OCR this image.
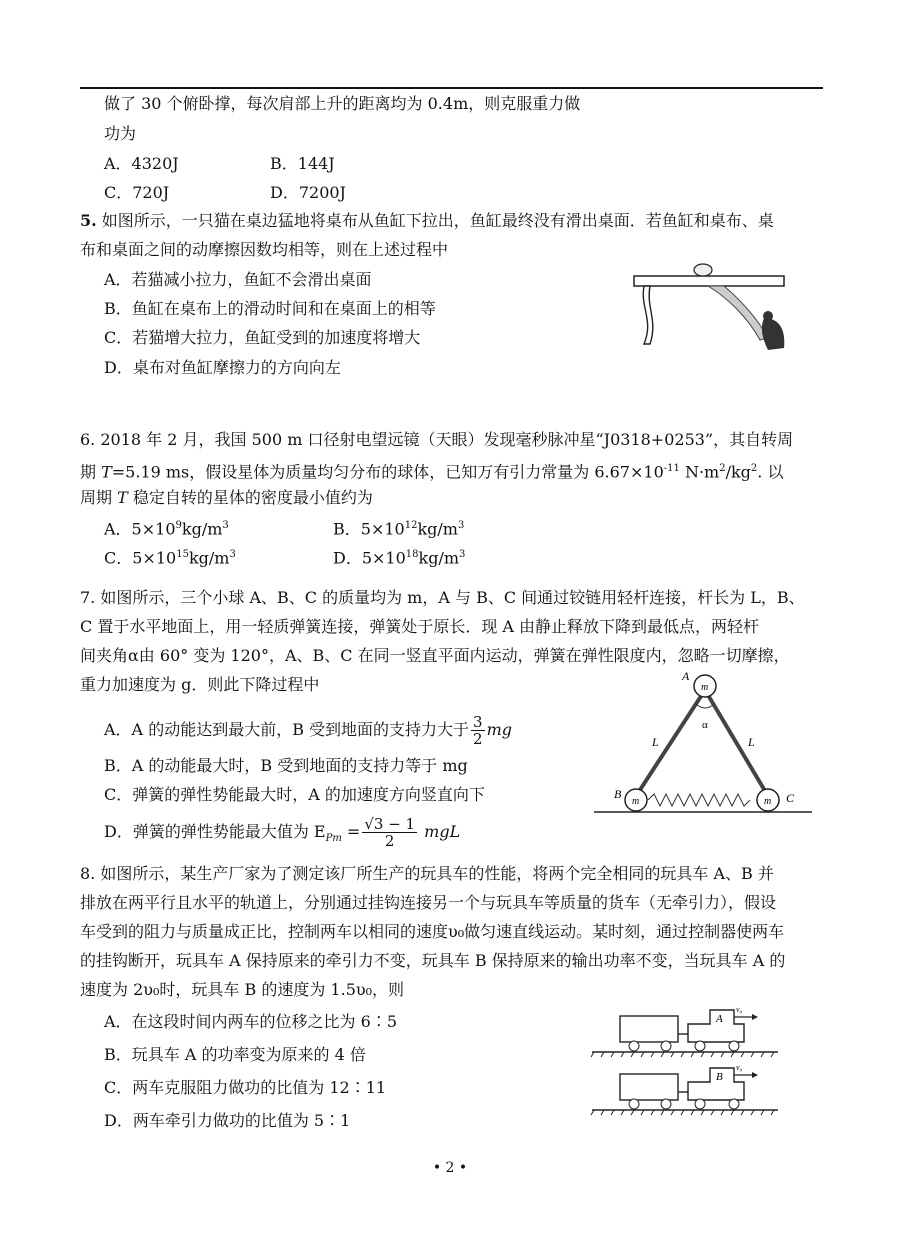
做了 30 个俯卧撑，每次肩部上升的距离均为 0.4m，则克服重力做
功为
A．4320J	B．144J
C．720J	D．7200J
5. 如图所示，一只猫在桌边猛地将桌布从鱼缸下拉出，鱼缸最终没有滑出桌面．若鱼缸和桌布、桌
布和桌面之间的动摩擦因数均相等，则在上述过程中
A．若猫减小拉力，鱼缸不会滑出桌面
B．鱼缸在桌布上的滑动时间和在桌面上的相等
C．若猫增大拉力，鱼缸受到的加速度将增大
D．桌布对鱼缸摩擦力的方向向左
6. 2018 年 2 月，我国 500 m 口径射电望远镜（天眼）发现毫秒脉冲星“J0318+0253”，其自转周
期 T=5.19 ms，假设星体为质量均匀分布的球体，已知万有引力常量为 $6.67\times 10^{-11}$ $N\cdot m^2/kg^2$. 以
周期 T 稳定自转的星体的密度最小值约为
A．$5\times 10^9kg/m^3$	B．$5\times 10^{12}kg/m^3$
C．$5\times 10^{15}kg/m^3$	D．$5\times 10^{18}kg/m^3$
7. 如图所示，三个小球 A、B、C 的质量均为 m，A 与 B、C 间通过铰链用轻杆连接，杆长为 L，B、
C 置于水平地面上，用一轻质弹簧连接，弹簧处于原长．现 A 由静止释放下降到最低点，两轻杆
间夹角α由 60° 变为 120°，A、B、C 在同一竖直平面内运动，弹簧在弹性限度内，忽略一切摩擦，
重力加速度为 g．则此下降过程中
A．A 的动能达到最大前，B 受到地面的支持力大于 $\frac{3}{2}$ mg
B．A 的动能最大时，B 受到地面的支持力等于 mg
C．弹簧的弹性势能最大时，A 的加速度方向竖直向下
D．弹簧的弹性势能最大值为 $E_{Pm} = \frac{√3 - 1}{2}$ mgL
m
m	m
A
B	C
L	L
α
8. 如图所示，某生产厂家为了测定该厂所生产的玩具车的性能，将两个完全相同的玩具车 A、B 并
排放在两平行且水平的轨道上，分别通过挂钩连接另一个与玩具车等质量的货车（无牵引力），假设
车受到的阻力与质量成正比，控制两车以相同的速度υ₀做匀速直线运动。某时刻，通过控制器使两车
的挂钩断开，玩具车 A 保持原来的牵引力不变，玩具车 B 保持原来的输出功率不变，当玩具车 A 的
速度为 2υ₀时，玩具车 B 的速度为 1.5υ₀，则
A．在这段时间内两车的位移之比为 6∶5
B．玩具车 A 的功率变为原来的 4 倍
C．两车克服阻力做功的比值为 12∶11
D．两车牵引力做功的比值为 5∶1
A
v₀
B
v₀
• 2 •
